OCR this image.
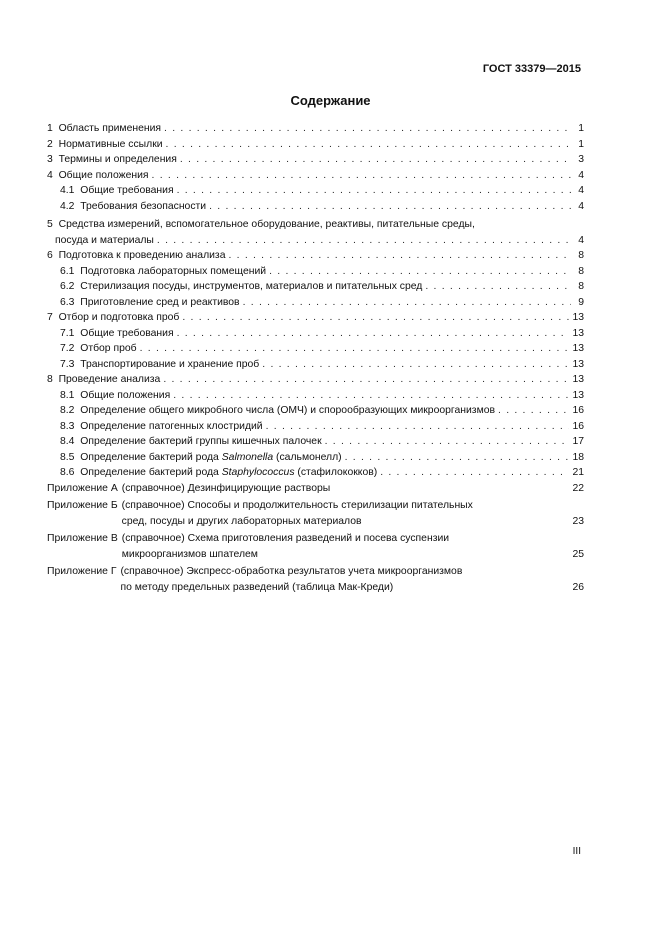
ГОСТ 33379—2015
Содержание
1 Область применения . . .	1
2 Нормативные ссылки . . .	1
3 Термины и определения . . .	3
4 Общие положения . . .	4
4.1 Общие требования . . .	4
4.2 Требования безопасности . . .	4
5 Средства измерений, вспомогательное оборудование, реактивы, питательные среды,
посуда и материалы . . .	4
6 Подготовка к проведению анализа . . .	8
6.1 Подготовка лабораторных помещений . . .	8
6.2 Стерилизация посуды, инструментов, материалов и питательных сред . . .	8
6.3 Приготовление сред и реактивов . . .	9
7 Отбор и подготовка проб . . .	13
7.1 Общие требования . . .	13
7.2 Отбор проб . . .	13
7.3 Транспортирование и хранение проб . . .	13
8 Проведение анализа . . .	13
8.1 Общие положения . . .	13
8.2 Определение общего микробного числа (ОМЧ) и спорообразующих микроорганизмов . . .	16
8.3 Определение патогенных клостридий . . .	16
8.4 Определение бактерий группы кишечных палочек . . .	17
8.5 Определение бактерий рода Salmonella (сальмонелл) . . .	18
8.6 Определение бактерий рода Staphylococcus (стафилококков) . . .	21
Приложение А (справочное) Дезинфицирующие растворы	22
Приложение Б (справочное) Способы и продолжительность стерилизации питательных
сред, посуды и других лабораторных материалов	23
Приложение В (справочное) Схема приготовления разведений и посева суспензии
микроорганизмов шпателем	25
Приложение Г (справочное) Экспресс-обработка результатов учета микроорганизмов
по методу предельных разведений (таблица Мак-Креди)	26
III
